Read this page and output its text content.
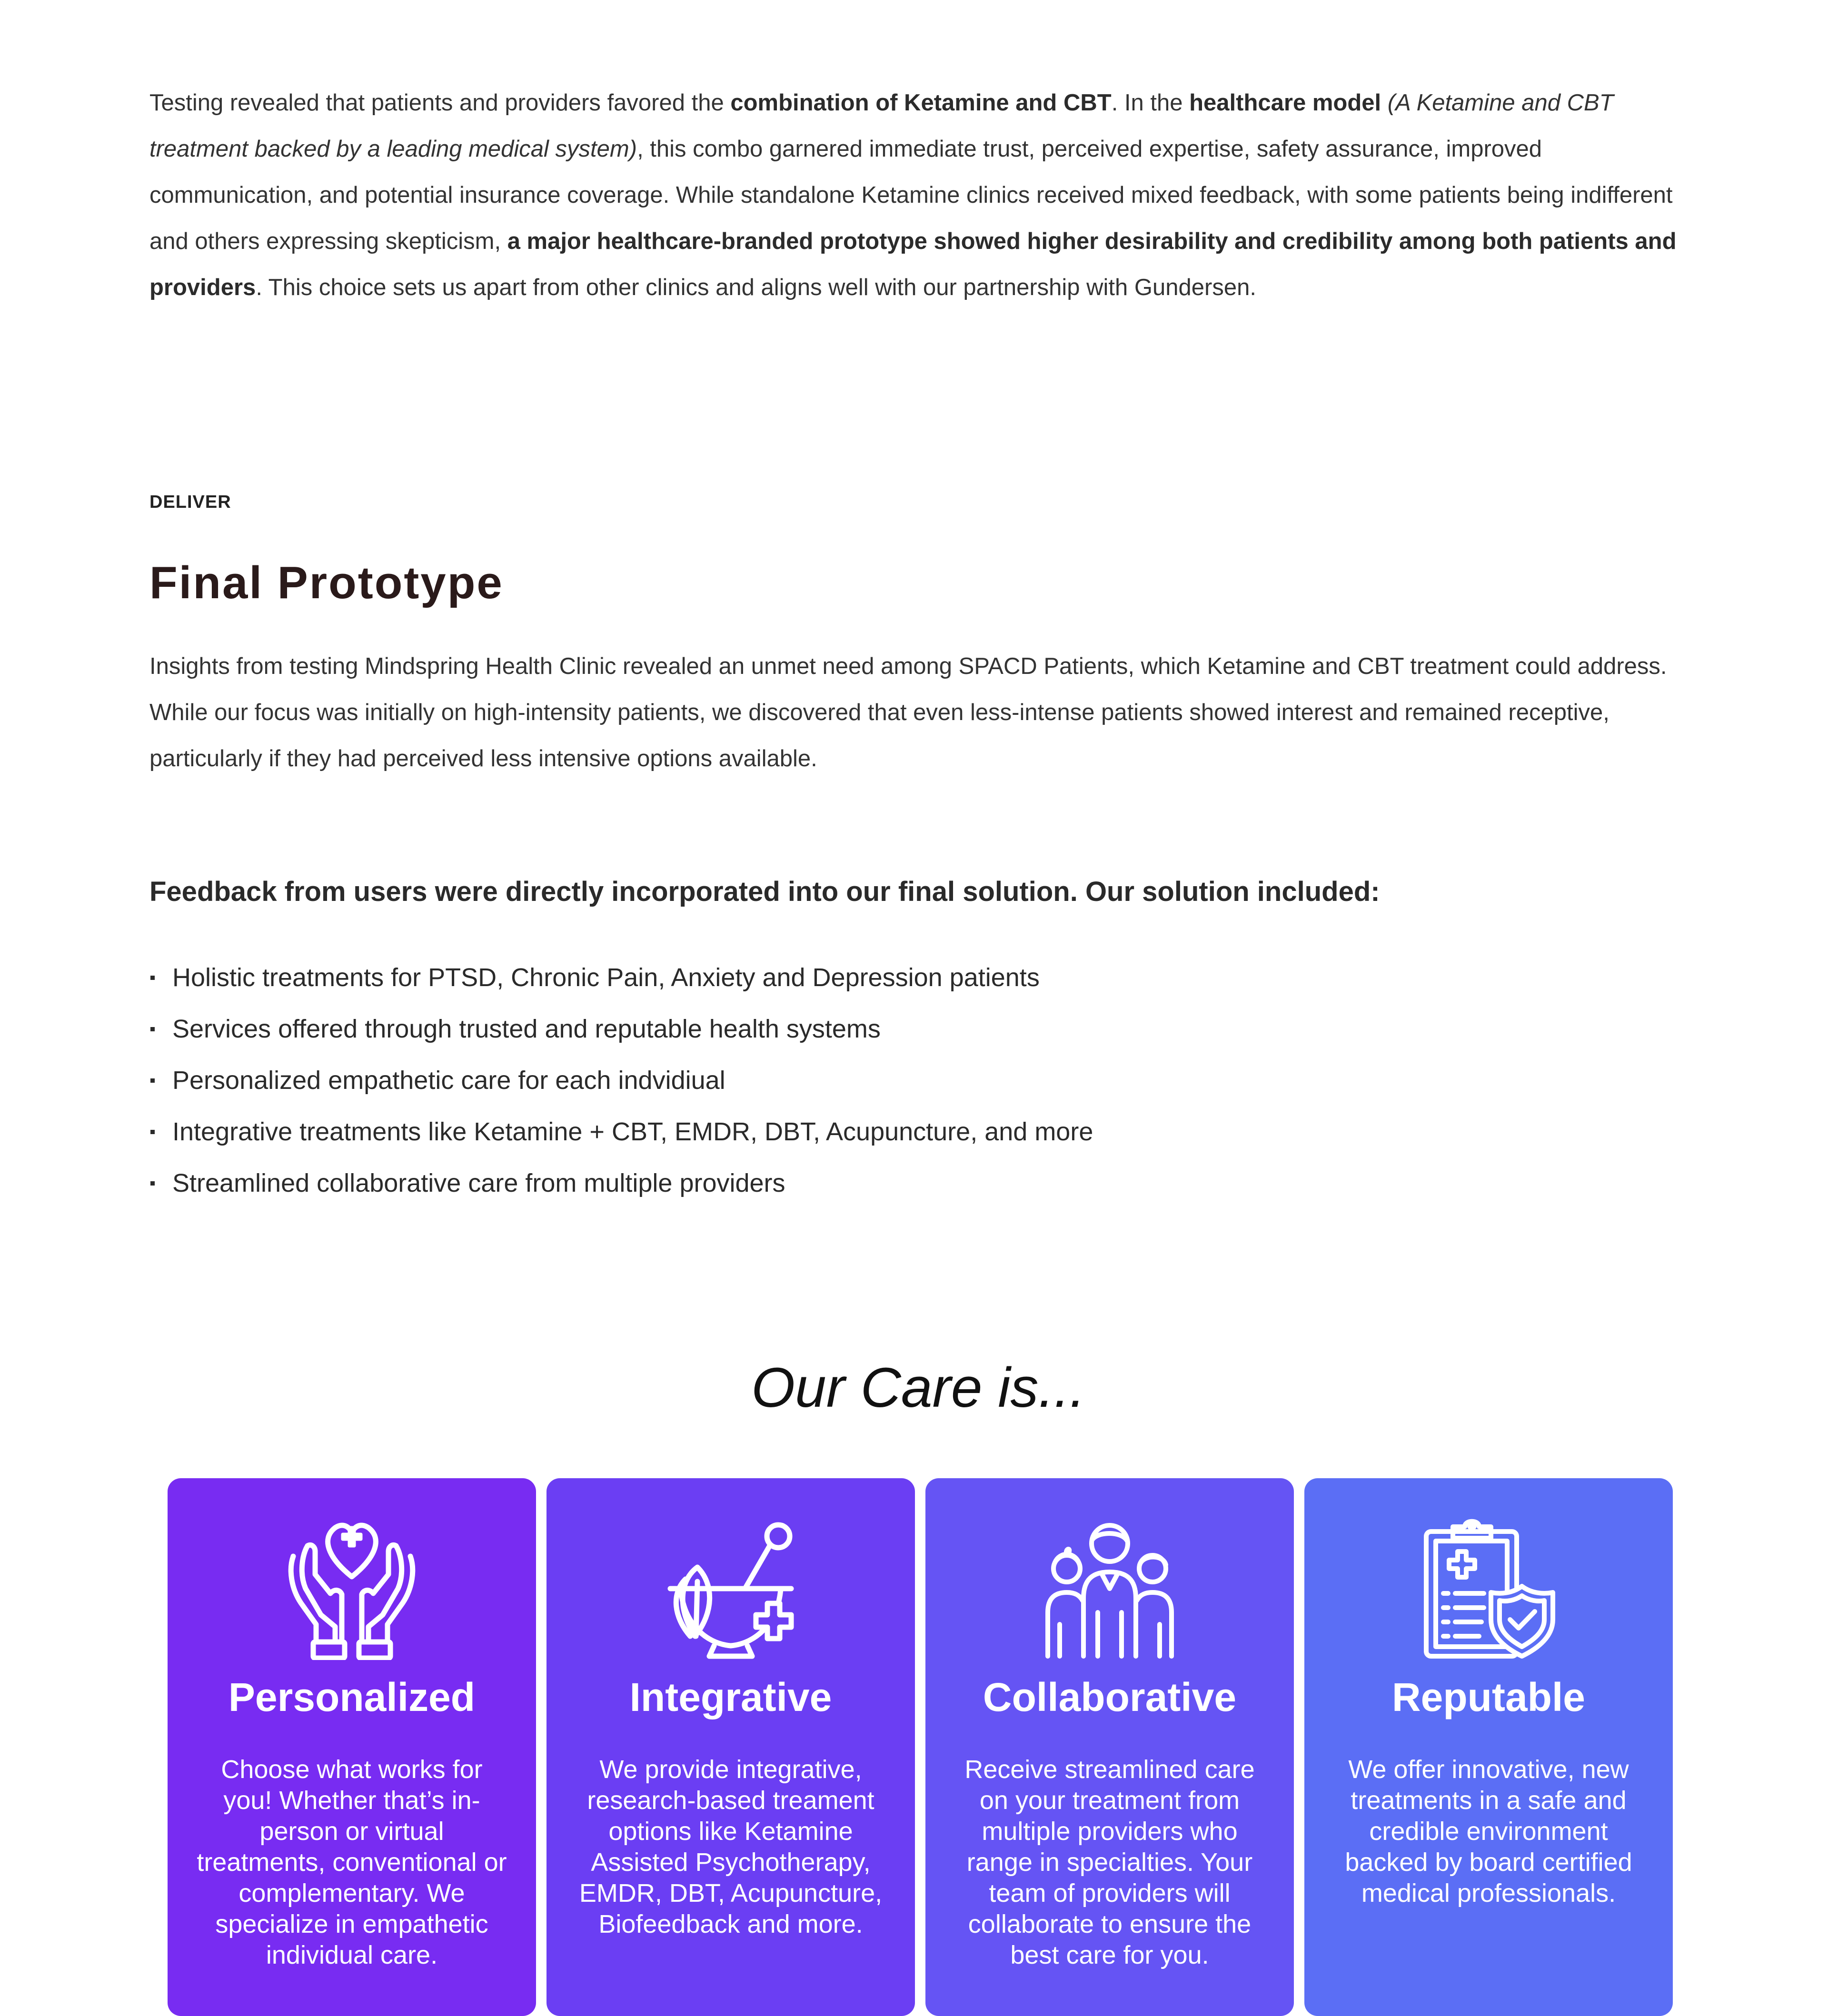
Testing revealed that patients and providers favored the combination of Ketamine and CBT. In the healthcare model (A Ketamine and CBT treatment backed by a leading medical system), this combo garnered immediate trust, perceived expertise, safety assurance, improved communication, and potential insurance coverage. While standalone Ketamine clinics received mixed feedback, with some patients being indifferent and others expressing skepticism, a major healthcare-branded prototype showed higher desirability and credibility among both patients and providers. This choice sets us apart from other clinics and aligns well with our partnership with Gundersen.

DELIVER

Final Prototype

Insights from testing Mindspring Health Clinic revealed an unmet need among SPACD Patients, which Ketamine and CBT treatment could address. While our focus was initially on high-intensity patients, we discovered that even less-intense patients showed interest and remained receptive, particularly if they had perceived less intensive options available.

Feedback from users were directly incorporated into our final solution. Our solution included:
Holistic treatments for PTSD, Chronic Pain, Anxiety and Depression patients
Services offered through trusted and reputable health systems
Personalized empathetic care for each indvidiual
Integrative treatments like Ketamine + CBT, EMDR, DBT, Acupuncture, and more
Streamlined collaborative care from multiple providers
Our Care is...
Personalized

Choose what works for you! Whether that’s in-person or virtual treatments, conventional or complementary. We specialize in empathetic individual care.

Integrative

We provide integrative, research-based treament options like Ketamine Assisted Psychotherapy, EMDR, DBT, Acupuncture, Biofeedback and more.

Collaborative

Receive streamlined care on your treatment from multiple providers who range in specialties. Your team of providers will collaborate to ensure the best care for you.

Reputable

We offer innovative, new treatments in a safe and credible environment backed by board certified medical professionals.
